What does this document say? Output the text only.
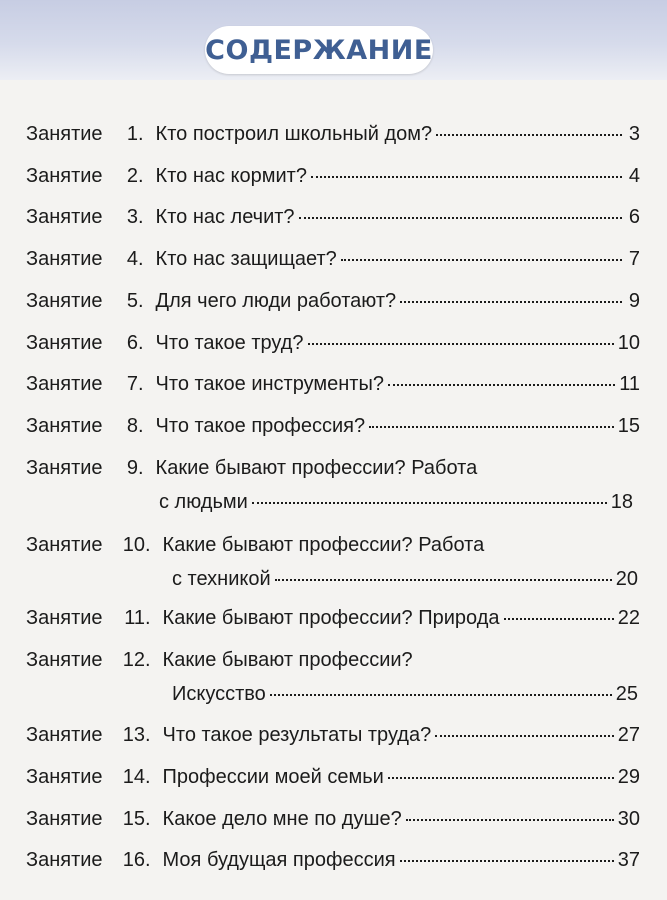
СОДЕРЖАНИЕ
Занятие	1. Кто построил школьный дом?	3
Занятие	2. Кто нас кормит?	4
Занятие	3. Кто нас лечит?	6
Занятие	4. Кто нас защищает?	7
Занятие	5. Для чего люди работают?	9
Занятие	6. Что такое труд?	10
Занятие	7. Что такое инструменты?	11
Занятие	8. Что такое профессия?	15
Занятие	9. Какие бывают профессии? Работа
с людьми	18
Занятие	10. Какие бывают профессии? Работа
с техникой	20
Занятие	11. Какие бывают профессии? Природа	22
Занятие	12. Какие бывают профессии?
Искусство	25
Занятие	13. Что такое результаты труда?	27
Занятие	14. Профессии моей семьи	29
Занятие	15. Какое дело мне по душе?	30
Занятие	16. Моя будущая профессия	37
